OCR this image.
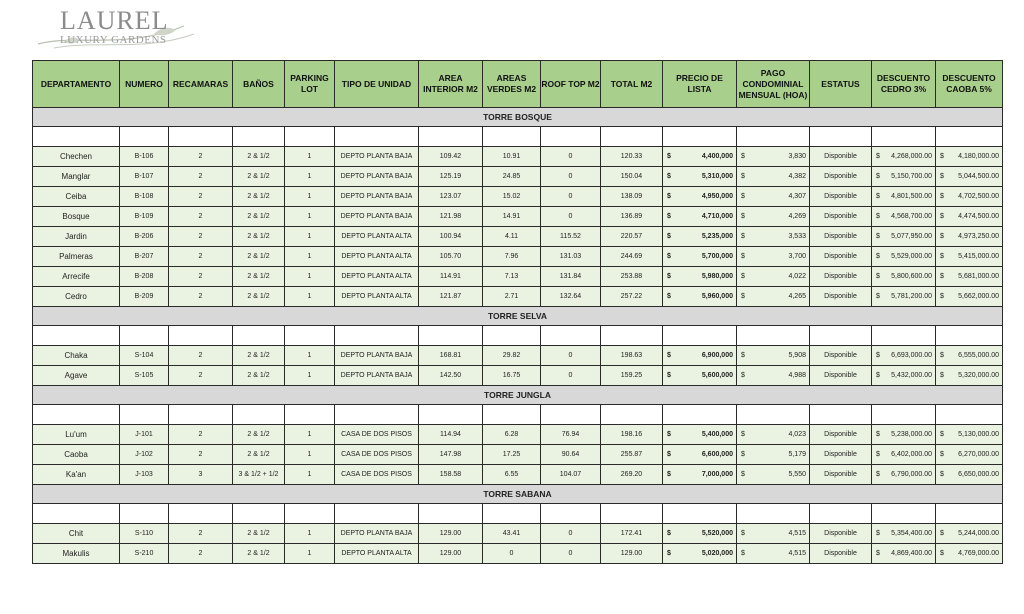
LAUREL
LUXURY GARDENS
DEPARTAMENTO	NUMERO	RECAMARAS	BAÑOS	PARKING LOT	TIPO DE UNIDAD	AREA INTERIOR M2	AREAS VERDES M2	ROOF TOP M2	TOTAL M2	PRECIO DE LISTA	PAGO CONDOMINIAL MENSUAL (HOA)	ESTATUS	DESCUENTO CEDRO 3%	DESCUENTO CAOBA 5%
TORRE BOSQUE														

Chechen	B-106	2	2 & 1/2	1	DEPTO PLANTA BAJA	109.42	10.91	0	120.33	$ 4,400,000	$ 3,830	Disponible	$ 4,268,000.00	$ 4,180,000.00
Manglar	B-107	2	2 & 1/2	1	DEPTO PLANTA BAJA	125.19	24.85	0	150.04	$ 5,310,000	$ 4,382	Disponible	$ 5,150,700.00	$ 5,044,500.00
Ceiba	B-108	2	2 & 1/2	1	DEPTO PLANTA BAJA	123.07	15.02	0	138.09	$ 4,950,000	$ 4,307	Disponible	$ 4,801,500.00	$ 4,702,500.00
Bosque	B-109	2	2 & 1/2	1	DEPTO PLANTA BAJA	121.98	14.91	0	136.89	$ 4,710,000	$ 4,269	Disponible	$ 4,568,700.00	$ 4,474,500.00
Jardin	B-206	2	2 & 1/2	1	DEPTO PLANTA ALTA	100.94	4.11	115.52	220.57	$ 5,235,000	$ 3,533	Disponible	$ 5,077,950.00	$ 4,973,250.00
Palmeras	B-207	2	2 & 1/2	1	DEPTO PLANTA ALTA	105.70	7.96	131.03	244.69	$ 5,700,000	$ 3,700	Disponible	$ 5,529,000.00	$ 5,415,000.00
Arrecife	B-208	2	2 & 1/2	1	DEPTO PLANTA ALTA	114.91	7.13	131.84	253.88	$ 5,980,000	$ 4,022	Disponible	$ 5,800,600.00	$ 5,681,000.00
Cedro	B-209	2	2 & 1/2	1	DEPTO PLANTA ALTA	121.87	2.71	132.64	257.22	$ 5,960,000	$ 4,265	Disponible	$ 5,781,200.00	$ 5,662,000.00
TORRE SELVA														

Chaka	S-104	2	2 & 1/2	1	DEPTO PLANTA BAJA	168.81	29.82	0	198.63	$ 6,900,000	$ 5,908	Disponible	$ 6,693,000.00	$ 6,555,000.00
Agave	S-105	2	2 & 1/2	1	DEPTO PLANTA BAJA	142.50	16.75	0	159.25	$ 5,600,000	$ 4,988	Disponible	$ 5,432,000.00	$ 5,320,000.00
TORRE JUNGLA														

Lu'um	J-101	2	2 & 1/2	1	CASA DE DOS PISOS	114.94	6.28	76.94	198.16	$ 5,400,000	$ 4,023	Disponible	$ 5,238,000.00	$ 5,130,000.00
Caoba	J-102	2	2 & 1/2	1	CASA DE DOS PISOS	147.98	17.25	90.64	255.87	$ 6,600,000	$ 5,179	Disponible	$ 6,402,000.00	$ 6,270,000.00
Ka'an	J-103	3	3 & 1/2 + 1/2	1	CASA DE DOS PISOS	158.58	6.55	104.07	269.20	$ 7,000,000	$ 5,550	Disponible	$ 6,790,000.00	$ 6,650,000.00
TORRE SABANA														

Chit	S-110	2	2 & 1/2	1	DEPTO PLANTA BAJA	129.00	43.41	0	172.41	$ 5,520,000	$ 4,515	Disponible	$ 5,354,400.00	$ 5,244,000.00
Makulis	S-210	2	2 & 1/2	1	DEPTO PLANTA ALTA	129.00	0	0	129.00	$ 5,020,000	$ 4,515	Disponible	$ 4,869,400.00	$ 4,769,000.00
